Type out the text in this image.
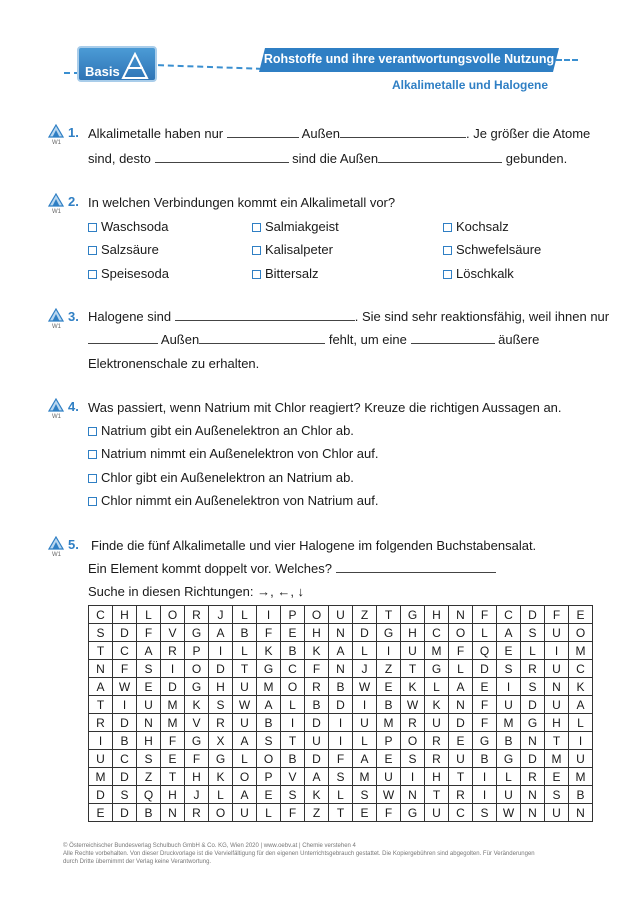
Basis
Rohstoffe und ihre verantwortungsvolle Nutzung
Alkalimetalle und Halogene
W1
1. Alkalimetalle haben nur	Außen	. Je größer die Atome
sind, desto	sind die Außen	gebunden.
W1
2. In welchen Verbindungen kommt ein Alkalimetall vor?
Waschsoda	Salmiakgeist	Kochsalz
Salzsäure	Kalisalpeter	Schwefelsäure
Speisesoda	Bittersalz	Löschkalk
W1
3. Halogene sind	. Sie sind sehr reaktionsfähig, weil ihnen nur
Außen	fehlt, um eine	äußere
Elektronenschale zu erhalten.
W1
4. Was passiert, wenn Natrium mit Chlor reagiert? Kreuze die richtigen Aussagen an.
Natrium gibt ein Außenelektron an Chlor ab.
Natrium nimmt ein Außenelektron von Chlor auf.
Chlor gibt ein Außenelektron an Natrium ab.
Chlor nimmt ein Außenelektron von Natrium auf.
W1
5. Finde die fünf Alkalimetalle und vier Halogene im folgenden Buchstabensalat.
Ein Element kommt doppelt vor. Welches?
Suche in diesen Richtungen: →, ←, ↓
C	H	L	O	R	J	L	I	P	O	U	Z	T	G	H	N	F	C	D	F	E
S	D	F	V	G	A	B	F	E	H	N	D	G	H	C	O	L	A	S	U	O
T	C	A	R	P	I	L	K	B	K	A	L	I	U	M	F	Q	E	L	I	M
N	F	S	I	O	D	T	G	C	F	N	J	Z	T	G	L	D	S	R	U	C
A	W	E	D	G	H	U	M	O	R	B	W	E	K	L	A	E	I	S	N	K
T	I	U	M	K	S	W	A	L	B	D	I	B	W	K	N	F	U	D	U	A
R	D	N	M	V	R	U	B	I	D	I	U	M	R	U	D	F	M	G	H	L
I	B	H	F	G	X	A	S	T	U	I	L	P	O	R	E	G	B	N	T	I
U	C	S	E	F	G	L	O	B	D	F	A	E	S	R	U	B	G	D	M	U
M	D	Z	T	H	K	O	P	V	A	S	M	U	I	H	T	I	L	R	E	M
D	S	Q	H	J	L	A	E	S	K	L	S	W	N	T	R	I	U	N	S	B
E	D	B	N	R	O	U	L	F	Z	T	E	F	G	U	C	S	W	N	U	N
© Österreichischer Bundesverlag Schulbuch GmbH & Co. KG, Wien 2020 | www.oebv.at | Chemie verstehen 4
Alle Rechte vorbehalten. Von dieser Druckvorlage ist die Vervielfältigung für den eigenen Unterrichtsgebrauch gestattet. Die Kopiergebühren sind abgegolten. Für Veränderungen
durch Dritte übernimmt der Verlag keine Verantwortung.
